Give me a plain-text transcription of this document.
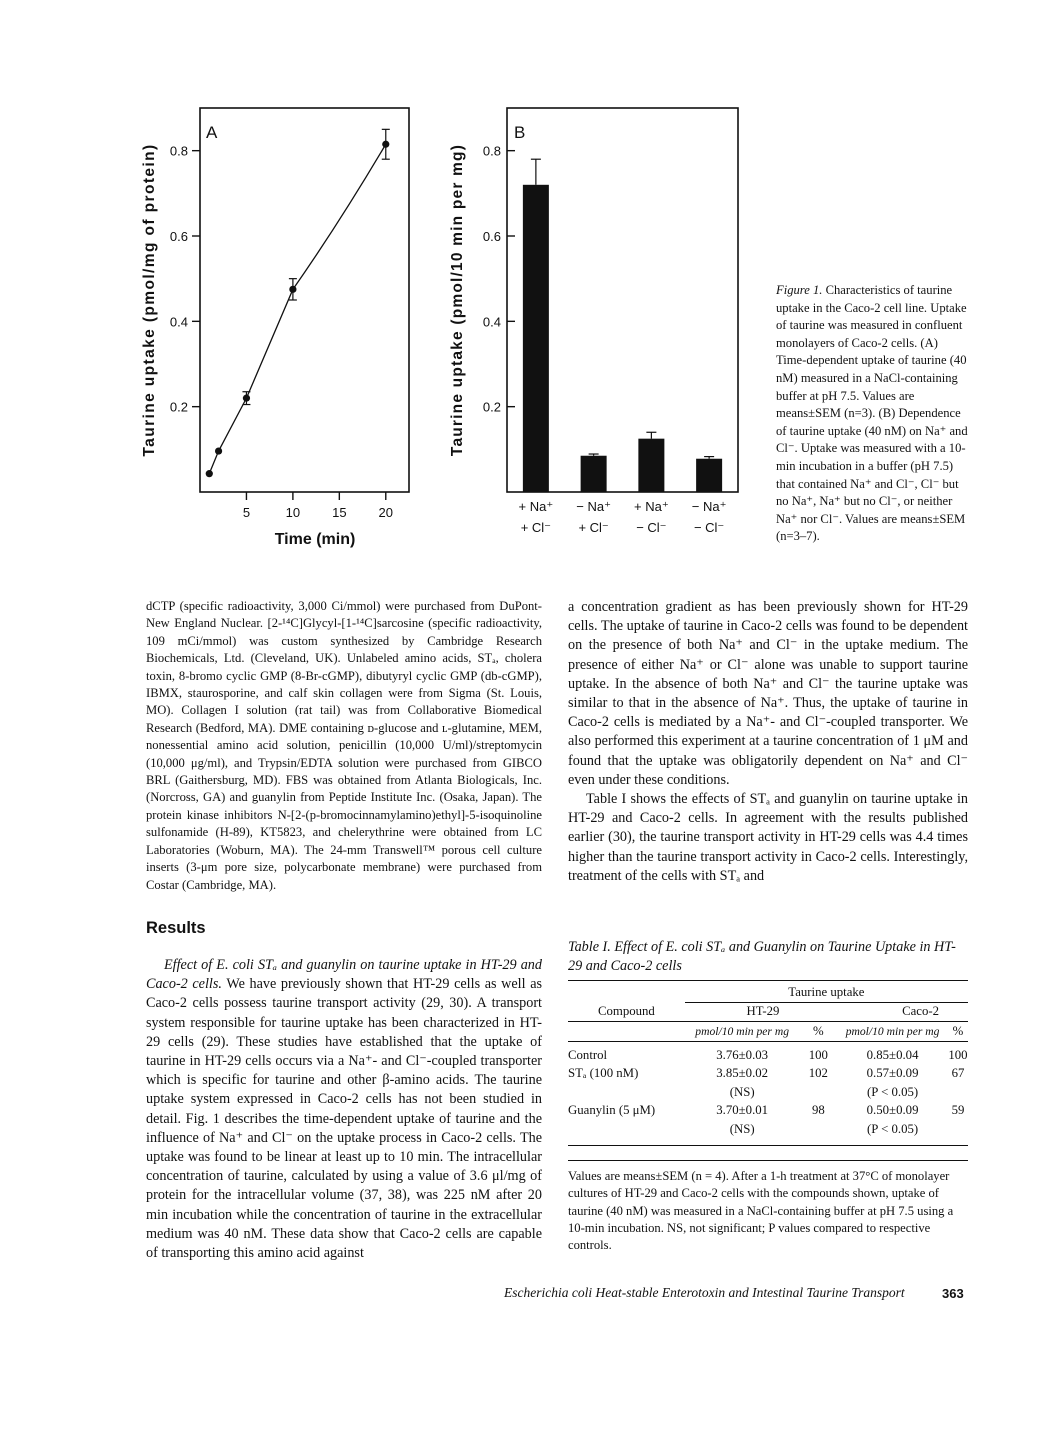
A
0.2
0.4
0.6
0.8
5	10 15 20
Taurine uptake (pmol/mg of protein)
Time (min)
B
0.2
0.4
0.6
0.8
Taurine uptake (pmol/10 min per mg)
+ Na⁺
+ Cl⁻
− Na⁺
+ Cl⁻
+ Na⁺
− Cl⁻
− Na⁺
− Cl⁻
Figure 1. Characteristics of taurine uptake in the Caco-2 cell line. Uptake of taurine was measured in confluent monolayers of Caco-2 cells. (A) Time-dependent uptake of taurine (40 nM) measured in a NaCl-containing buffer at pH 7.5. Values are means±SEM (n=3). (B) Dependence of taurine uptake (40 nM) on Na⁺ and Cl⁻. Uptake was measured with a 10-min incubation in a buffer (pH 7.5) that contained Na⁺ and Cl⁻, Cl⁻ but no Na⁺, Na⁺ but no Cl⁻, or neither Na⁺ nor Cl⁻. Values are means±SEM (n=3–7).

dCTP (specific radioactivity, 3,000 Ci/mmol) were purchased from DuPont-New England Nuclear. [2-¹⁴C]Glycyl-[1-¹⁴C]sarcosine (specific radioactivity, 109 mCi/mmol) was custom synthesized by Cambridge Research Biochemicals, Ltd. (Cleveland, UK). Unlabeled amino acids, STₐ, cholera toxin, 8-bromo cyclic GMP (8-Br-cGMP), dibutyryl cyclic GMP (db-cGMP), IBMX, staurosporine, and calf skin collagen were from Sigma (St. Louis, MO). Collagen I solution (rat tail) was from Collaborative Biomedical Research (Bedford, MA). DME containing ᴅ-glucose and ʟ-glutamine, MEM, nonessential amino acid solution, penicillin (10,000 U/ml)/streptomycin (10,000 μg/ml), and Trypsin/EDTA solution were purchased from GIBCO BRL (Gaithersburg, MD). FBS was obtained from Atlanta Biologicals, Inc. (Norcross, GA) and guanylin from Peptide Institute Inc. (Osaka, Japan). The protein kinase inhibitors N-[2-(p-bromocinnamylamino)ethyl]-5-isoquinoline sulfonamide (H-89), KT5823, and chelerythrine were obtained from LC Laboratories (Woburn, MA). The 24-mm Transwell™ porous cell culture inserts (3-μm pore size, polycarbonate membrane) were purchased from Costar (Cambridge, MA).

Results

Effect of E. coli STₐ and guanylin on taurine uptake in HT-29 and Caco-2 cells. We have previously shown that HT-29 cells as well as Caco-2 cells possess taurine transport activity (29, 30). A transport system responsible for taurine uptake has been characterized in HT-29 cells (29). These studies have established that the uptake of taurine in HT-29 cells occurs via a Na⁺- and Cl⁻-coupled transporter which is specific for taurine and other β-amino acids. The taurine uptake system expressed in Caco-2 cells has not been studied in detail. Fig. 1 describes the time-dependent uptake of taurine and the influence of Na⁺ and Cl⁻ on the uptake process in Caco-2 cells. The uptake was found to be linear at least up to 10 min. The intracellular concentration of taurine, calculated by using a value of 3.6 μl/mg of protein for the intracellular volume (37, 38), was 225 nM after 20 min incubation while the concentration of taurine in the extracellular medium was 40 nM. These data show that Caco-2 cells are capable of transporting this amino acid against

a concentration gradient as has been previously shown for HT-29 cells. The uptake of taurine in Caco-2 cells was found to be dependent on the presence of both Na⁺ and Cl⁻ in the uptake medium. The presence of either Na⁺ or Cl⁻ alone was unable to support taurine uptake. In the absence of both Na⁺ and Cl⁻ the taurine uptake was similar to that in the absence of Na⁺. Thus, the uptake of taurine in Caco-2 cells is mediated by a Na⁺- and Cl⁻-coupled transporter. We also performed this experiment at a taurine concentration of 1 μM and found that the uptake was obligatorily dependent on Na⁺ and Cl⁻ even under these conditions.

Table I shows the effects of STₐ and guanylin on taurine uptake in HT-29 and Caco-2 cells. In agreement with the results published earlier (30), the taurine transport activity in HT-29 cells was 4.4 times higher than the taurine transport activity in Caco-2 cells. Interestingly, treatment of the cells with STₐ and

Table I. Effect of E. coli STₐ and Guanylin on Taurine Uptake in HT-29 and Caco-2 cells

	Taurine uptake			
Compound	HT-29		Caco-2	
	pmol/10 min per mg	%	pmol/10 min per mg	%

Control	3.76±0.03	100	0.85±0.04	100
STₐ (100 nM)	3.85±0.02	102	0.57±0.09	67
	(NS)		(P < 0.05)	
Guanylin (5 μM)	3.70±0.01	98	0.50±0.09	59
	(NS)		(P < 0.05)	

Values are means±SEM (n = 4). After a 1-h treatment at 37°C of monolayer cultures of HT-29 and Caco-2 cells with the compounds shown, uptake of taurine (40 nM) was measured in a NaCl-containing buffer at pH 7.5 using a 10-min incubation. NS, not significant; P values compared to respective controls.
Escherichia coli Heat-stable Enterotoxin and Intestinal Taurine Transport	363
